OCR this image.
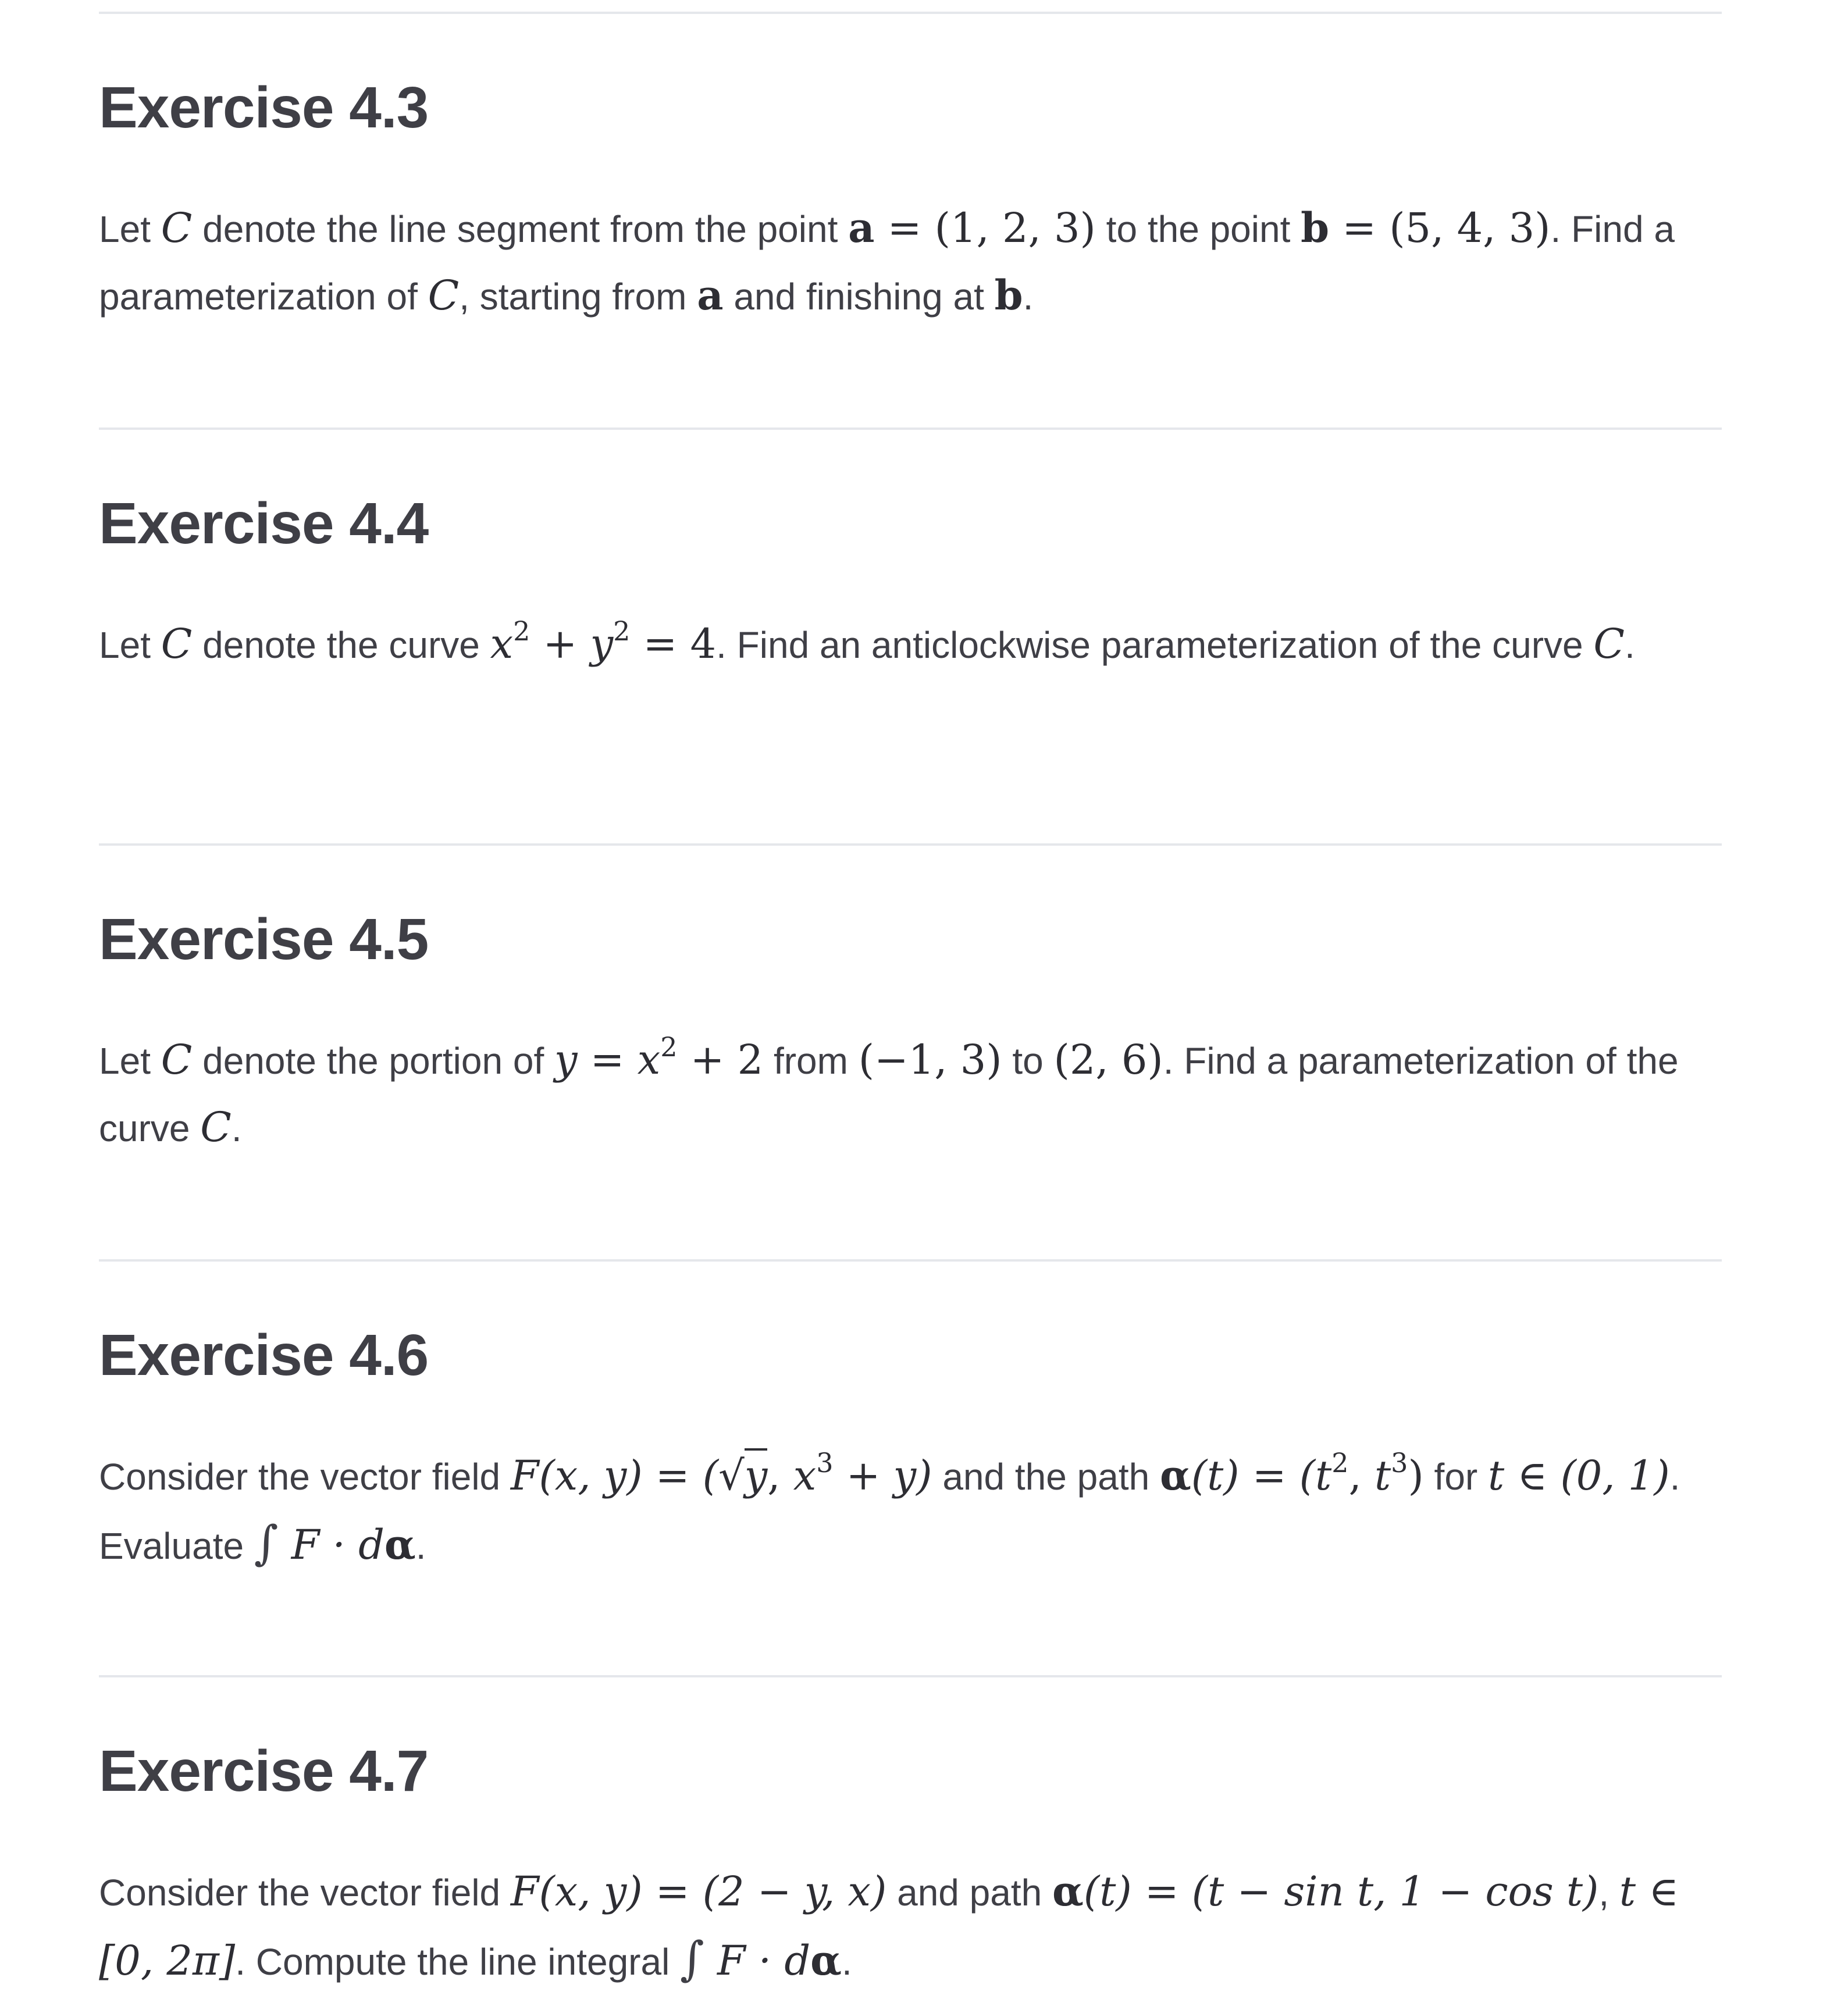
Exercise 4.3

Let C denote the line segment from the point a = (1, 2, 3) to the point b = (5, 4, 3). Find a parameterization of C, starting from a and finishing at b.

Exercise 4.4

Let C denote the curve $x^2 + y^2 = 4$. Find an anticlockwise parameterization of the curve C.

Exercise 4.5

Let C denote the portion of $y = x^2 + 2$ from (−1, 3) to (2, 6). Find a parameterization of the curve C.

Exercise 4.6

Consider the vector field F(x, y) = (√y, $x^3 + y$) and the path $\alpha(t) = (t^2$, $t^3$) for t ∈ (0, 1). Evaluate ∫ F · dα.

Exercise 4.7

Consider the vector field F(x, y) = (2 − y, x) and path α(t) = (t − sin t, 1 − cos t), t ∈ [0, 2π]. Compute the line integral ∫ F · dα.
